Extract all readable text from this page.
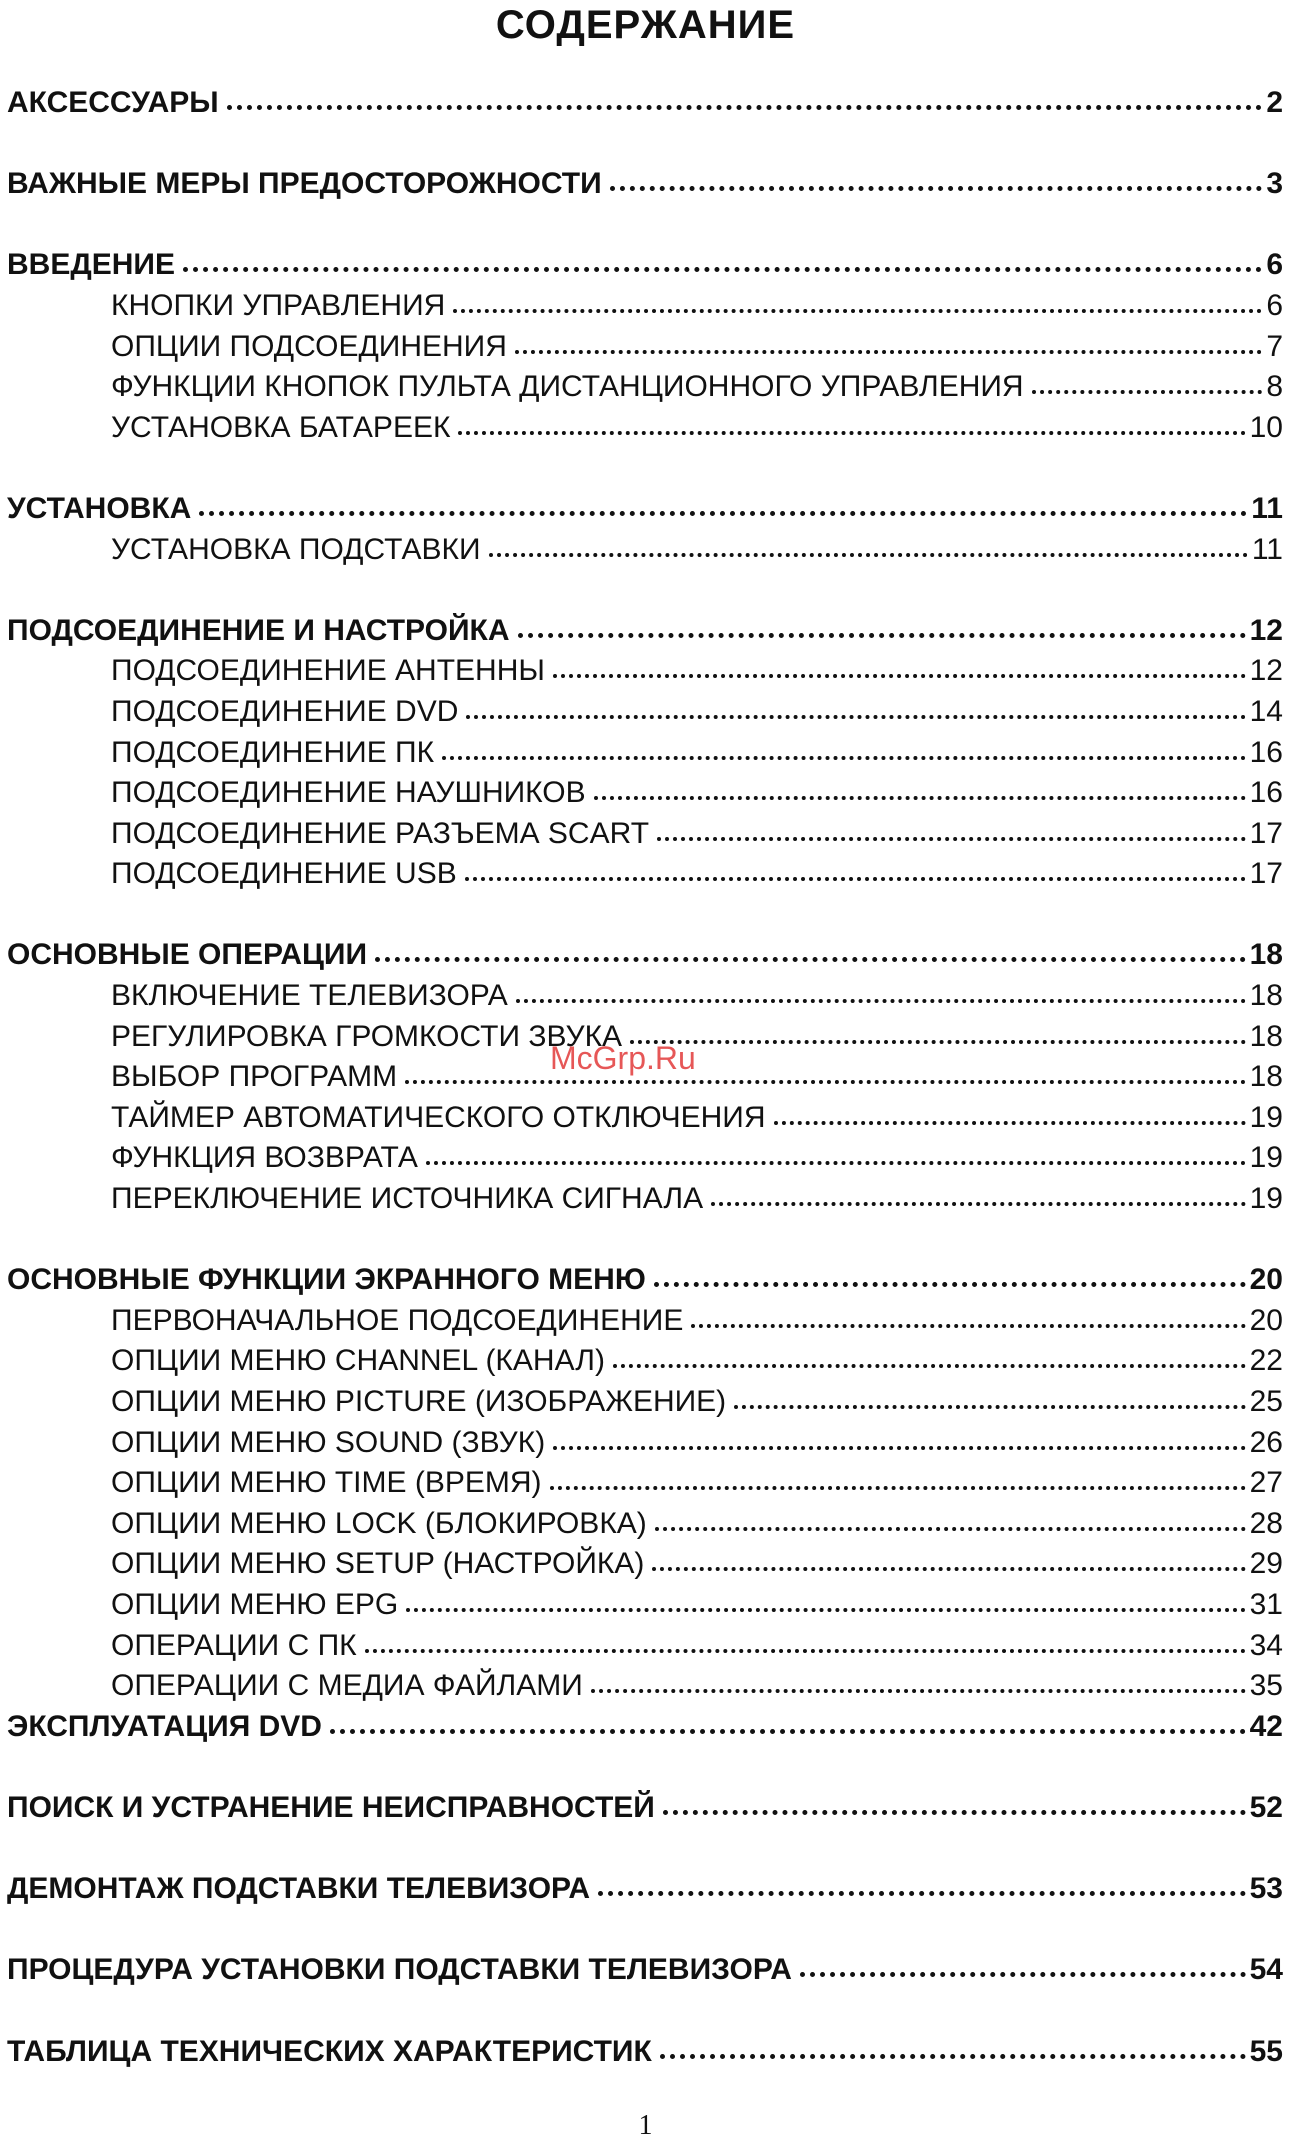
СОДЕРЖАНИЕ
АКСЕССУАРЫ	2
ВАЖНЫЕ МЕРЫ ПРЕДОСТОРОЖНОСТИ	3
ВВЕДЕНИЕ	6
КНОПКИ УПРАВЛЕНИЯ	6
ОПЦИИ ПОДСОЕДИНЕНИЯ	7
ФУНКЦИИ КНОПОК ПУЛЬТА ДИСТАНЦИОННОГО УПРАВЛЕНИЯ	8
УСТАНОВКА БАТАРЕЕК	10
УСТАНОВКА	11
УСТАНОВКА ПОДСТАВКИ	11
ПОДСОЕДИНЕНИЕ И НАСТРОЙКА	12
ПОДСОЕДИНЕНИЕ АНТЕННЫ	12
ПОДСОЕДИНЕНИЕ DVD	14
ПОДСОЕДИНЕНИЕ ПК	16
ПОДСОЕДИНЕНИЕ НАУШНИКОВ	16
ПОДСОЕДИНЕНИЕ РАЗЪЕМА SCART	17
ПОДСОЕДИНЕНИЕ USB	17
ОСНОВНЫЕ ОПЕРАЦИИ	18
ВКЛЮЧЕНИЕ ТЕЛЕВИЗОРА	18
РЕГУЛИРОВКА ГРОМКОСТИ ЗВУКА	18
ВЫБОР ПРОГРАММ	18
ТАЙМЕР АВТОМАТИЧЕСКОГО ОТКЛЮЧЕНИЯ	19
ФУНКЦИЯ ВОЗВРАТА	19
ПЕРЕКЛЮЧЕНИЕ ИСТОЧНИКА СИГНАЛА	19
ОСНОВНЫЕ ФУНКЦИИ ЭКРАННОГО МЕНЮ	20
ПЕРВОНАЧАЛЬНОЕ ПОДСОЕДИНЕНИЕ	20
ОПЦИИ МЕНЮ CHANNEL (КАНАЛ)	22
ОПЦИИ МЕНЮ PICTURE (ИЗОБРАЖЕНИЕ)	25
ОПЦИИ МЕНЮ SOUND (ЗВУК)	26
ОПЦИИ МЕНЮ TIME (ВРЕМЯ)	27
ОПЦИИ МЕНЮ LOCK (БЛОКИРОВКА)	28
ОПЦИИ МЕНЮ SETUP (НАСТРОЙКА)	29
ОПЦИИ МЕНЮ EPG	31
ОПЕРАЦИИ С ПК	34
ОПЕРАЦИИ С МЕДИА ФАЙЛАМИ	35
ЭКСПЛУАТАЦИЯ DVD	42
ПОИСК И УСТРАНЕНИЕ НЕИСПРАВНОСТЕЙ	52
ДЕМОНТАЖ ПОДСТАВКИ ТЕЛЕВИЗОРА	53
ПРОЦЕДУРА УСТАНОВКИ ПОДСТАВКИ ТЕЛЕВИЗОРА	54
ТАБЛИЦА ТЕХНИЧЕСКИХ ХАРАКТЕРИСТИК	55
McGrp.Ru
1
